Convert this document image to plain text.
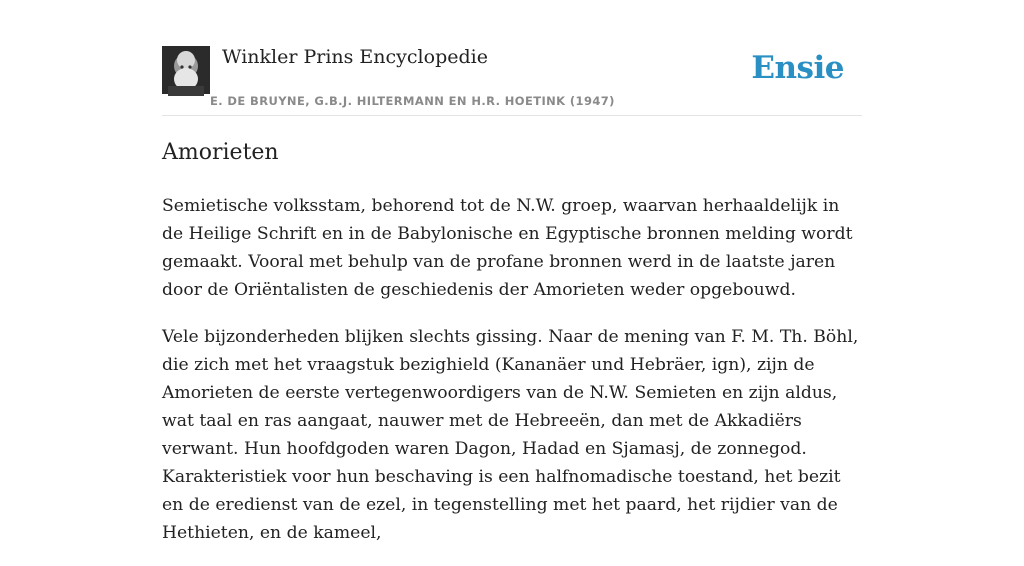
Winkler Prins Encyclopedie
E. DE BRUYNE, G.B.J. HILTERMANN EN H.R. HOETINK (1947)
Ensie
Amorieten

Semietische volksstam, behorend tot de N.W. groep, waarvan herhaaldelijk in de Heilige Schrift en in de Babylonische en Egyptische bronnen melding wordt gemaakt. Vooral met behulp van de profane bronnen werd in de laatste jaren door de Oriëntalisten de geschiedenis der Amorieten weder opgebouwd.

Vele bijzonderheden blijken slechts gissing. Naar de mening van F. M. Th. Böhl, die zich met het vraagstuk bezighield (Kananäer und Hebräer, ign), zijn de Amorieten de eerste vertegenwoordigers van de N.W. Semieten en zijn aldus, wat taal en ras aangaat, nauwer met de Hebreeën, dan met de Akkadiërs verwant. Hun hoofdgoden waren Dagon, Hadad en Sjamasj, de zonnegod. Karakteristiek voor hun beschaving is een halfnomadische toestand, het bezit en de eredienst van de ezel, in tegenstelling met het paard, het rijdier van de Hethieten, en de kameel,
